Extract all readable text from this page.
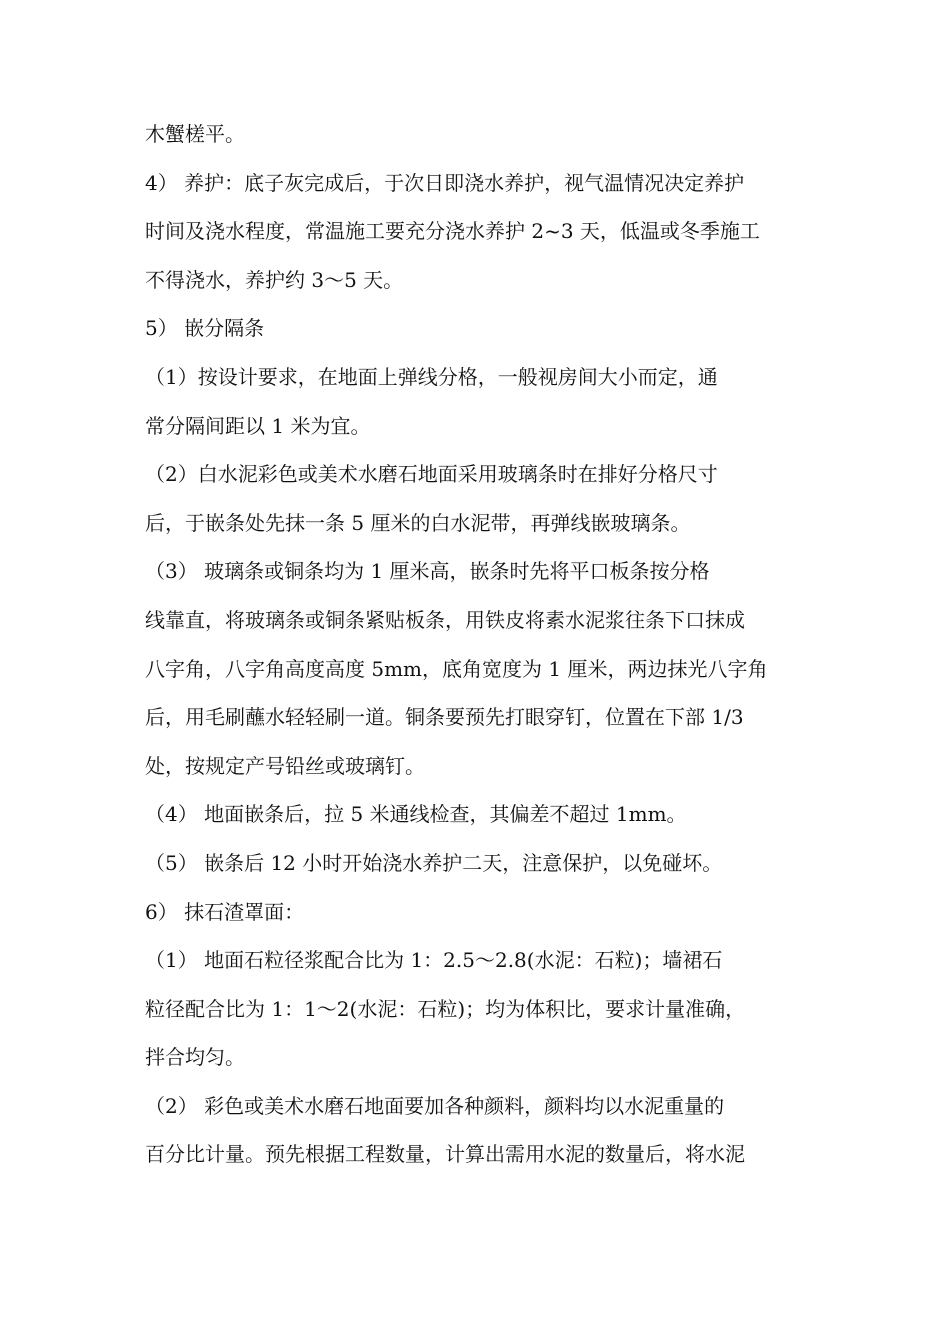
木蟹槎平。

4） 养护：底子灰完成后，于次日即浇水养护，视气温情况决定养护

时间及浇水程度，常温施工要充分浇水养护 2~3 天，低温或冬季施工

不得浇水，养护约 3～5 天。

5） 嵌分隔条

（1）按设计要求，在地面上弹线分格，一般视房间大小而定，通

常分隔间距以 1 米为宜。

（2）白水泥彩色或美术水磨石地面采用玻璃条时在排好分格尺寸

后，于嵌条处先抹一条 5 厘米的白水泥带，再弹线嵌玻璃条。

（3） 玻璃条或铜条均为 1 厘米高，嵌条时先将平口板条按分格

线靠直，将玻璃条或铜条紧贴板条，用铁皮将素水泥浆往条下口抹成

八字角，八字角高度高度 5mm，底角宽度为 1 厘米，两边抹光八字角

后，用毛刷蘸水轻轻刷一道。铜条要预先打眼穿钉，位置在下部 1/3

处，按规定产号铅丝或玻璃钉。

（4） 地面嵌条后，拉 5 米通线检查，其偏差不超过 1mm。

（5） 嵌条后 12 小时开始浇水养护二天，注意保护，以免碰坏。

6） 抹石渣罩面：

（1） 地面石粒径浆配合比为 1：2.5～2.8(水泥：石粒)；墙裙石

粒径配合比为 1：1～2(水泥：石粒)；均为体积比，要求计量准确，

拌合均匀。

（2） 彩色或美术水磨石地面要加各种颜料，颜料均以水泥重量的

百分比计量。预先根据工程数量，计算出需用水泥的数量后，将水泥
